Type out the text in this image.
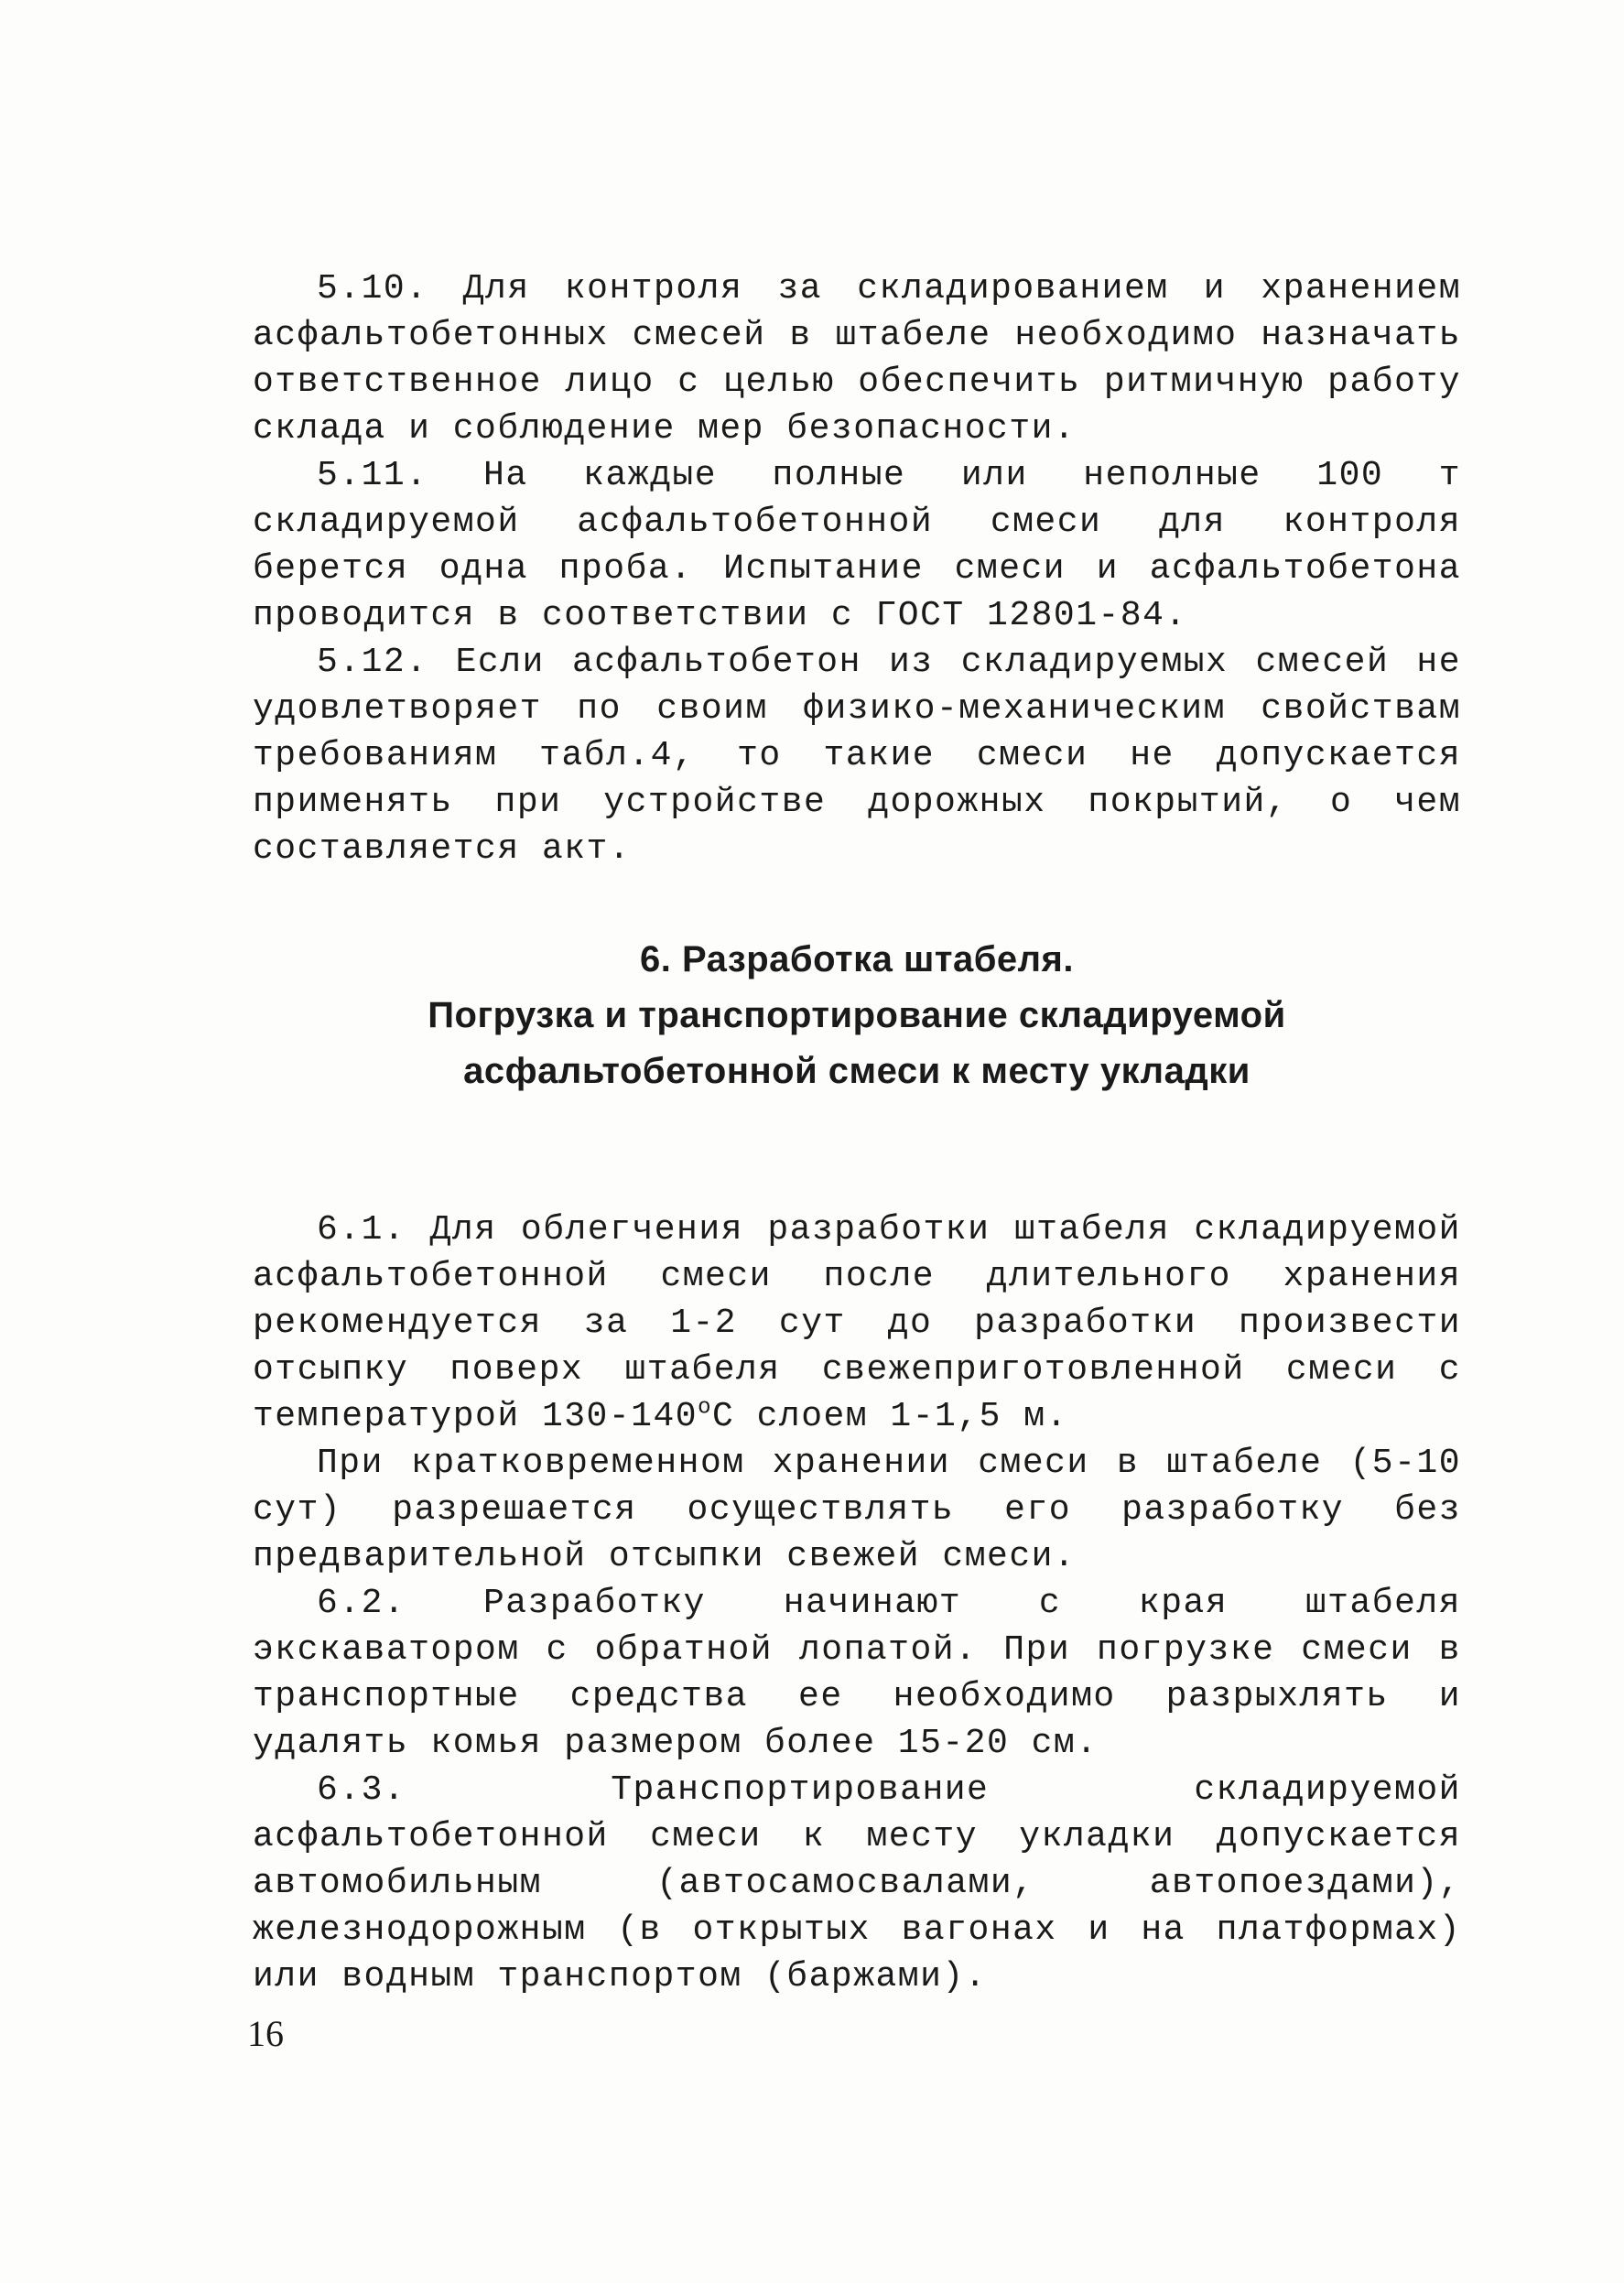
5.10. Для контроля за складированием и хранением асфальтобетонных смесей в штабеле необходимо назначать ответственное лицо с целью обеспечить ритмичную работу склада и соблюдение мер безопасности.

5.11. На каждые полные или неполные 100 т складируемой асфальтобетонной смеси для контроля берется одна проба. Испытание смеси и асфальтобетона проводится в соответствии с ГОСТ 12801-84.

5.12. Если асфальтобетон из складируемых смесей не удовлетворяет по своим физико-механическим свойствам требованиям табл.4, то такие смеси не допускается применять при устройстве дорожных покрытий, о чем составляется акт.

6. Разработка штабеля.
Погрузка и транспортирование складируемой
асфальтобетонной смеси к месту укладки

6.1. Для облегчения разработки штабеля складируемой асфальтобетонной смеси после длительного хранения рекомендуется за 1-2 сут до разработки произвести отсыпку поверх штабеля свежеприготовленной смеси с температурой 130-140$^o$С слоем 1-1,5 м.

При кратковременном хранении смеси в штабеле (5-10 сут) разрешается осуществлять его разработку без предварительной отсыпки свежей смеси.

6.2. Разработку начинают с края штабеля экскаватором с обратной лопатой. При погрузке смеси в транспортные средства ее необходимо разрыхлять и удалять комья размером более 15-20 см.

6.3. Транспортирование складируемой асфальтобетонной смеси к месту укладки допускается автомобильным (автосамосвалами, автопоездами), железнодорожным (в открытых вагонах и на платформах) или водным транспортом (баржами).

16
